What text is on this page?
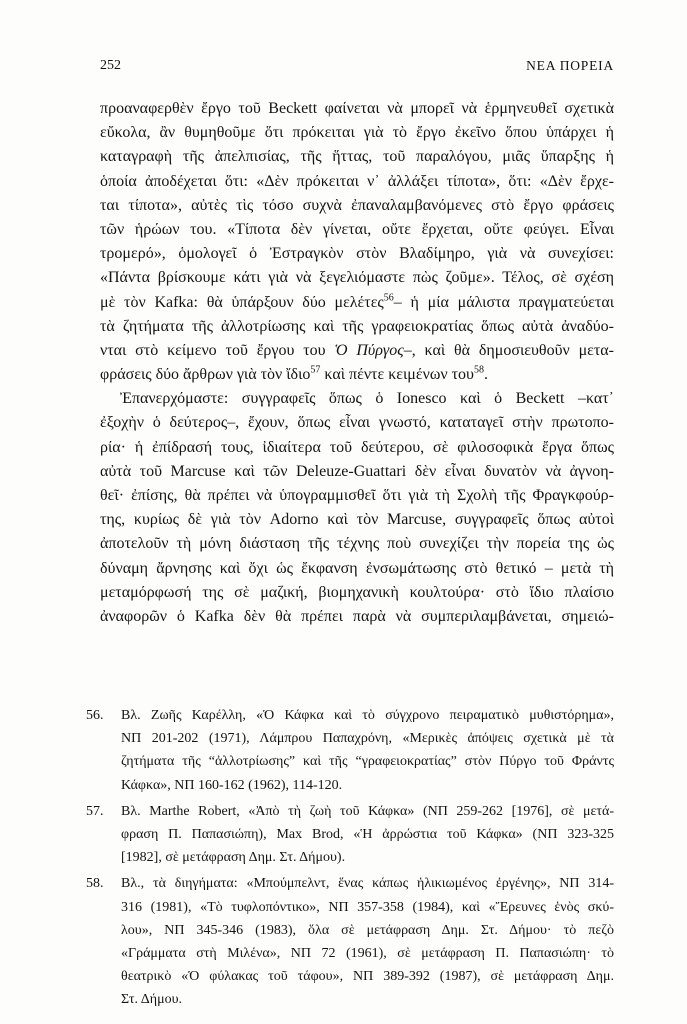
252	ΝΕΑ ΠΟΡΕΙΑ
προαναφερθὲν ἔργο τοῦ Beckett φαίνεται νὰ μπορεῖ νὰ ἑρμηνευθεῖ σχετικὰ
εὔκολα, ἂν θυμηθοῦμε ὅτι πρόκειται γιὰ τὸ ἔργο ἐκεῖνο ὅπου ὑπάρχει ἡ
καταγραφὴ τῆς ἀπελπισίας, τῆς ἥττας, τοῦ παραλόγου, μιᾶς ὕπαρξης ἡ
ὁποία ἀποδέχεται ὅτι: «Δὲν πρόκειται ν᾽ ἀλλάξει τίποτα», ὅτι: «Δὲν ἔρχε-
ται τίποτα», αὐτὲς τὶς τόσο συχνὰ ἐπαναλαμβανόμενες στὸ ἔργο φράσεις
τῶν ἡρώων του. «Τίποτα δὲν γίνεται, οὔτε ἔρχεται, οὔτε φεύγει. Εἶναι
τρομερό», ὁμολογεῖ ὁ Ἐστραγκὸν στὸν Βλαδίμηρο, γιὰ νὰ συνεχίσει:
«Πάντα βρίσκουμε κάτι γιὰ νὰ ξεγελιόμαστε πὼς ζοῦμε». Τέλος, σὲ σχέση
μὲ τὸν Kafka: θὰ ὑπάρξουν δύο μελέτες$^{56}$– ἡ μία μάλιστα πραγματεύεται
τὰ ζητήματα τῆς ἀλλοτρίωσης καὶ τῆς γραφειοκρατίας ὅπως αὐτὰ ἀναδύο-
νται στὸ κείμενο τοῦ ἔργου του Ὁ Πύργος–, καὶ θὰ δημοσιευθοῦν μετα-
φράσεις δύο ἄρθρων γιὰ τὸν ἴδιο$^{57}$ καὶ πέντε κειμένων του$^{58}$.
Ἐπανερχόμαστε: συγγραφεῖς ὅπως ὁ Ionesco καὶ ὁ Beckett –κατ᾽
ἐξοχὴν ὁ δεύτερος–, ἔχουν, ὅπως εἶναι γνωστό, καταταγεῖ στὴν πρωτοπο-
ρία· ἡ ἐπίδρασή τους, ἰδιαίτερα τοῦ δεύτερου, σὲ φιλοσοφικὰ ἔργα ὅπως
αὐτὰ τοῦ Marcuse καὶ τῶν Deleuze-Guattari δὲν εἶναι δυνατὸν νὰ ἀγνοη-
θεῖ· ἐπίσης, θὰ πρέπει νὰ ὑπογραμμισθεῖ ὅτι γιὰ τὴ Σχολὴ τῆς Φραγκφούρ-
της, κυρίως δὲ γιὰ τὸν Adorno καὶ τὸν Marcuse, συγγραφεῖς ὅπως αὐτοὶ
ἀποτελοῦν τὴ μόνη διάσταση τῆς τέχνης ποὺ συνεχίζει τὴν πορεία της ὡς
δύναμη ἄρνησης καὶ ὄχι ὡς ἔκφανση ἐνσωμάτωσης στὸ θετικό – μετὰ τὴ
μεταμόρφωσή της σὲ μαζική, βιομηχανικὴ κουλτούρα· στὸ ἴδιο πλαίσιο
ἀναφορῶν ὁ Kafka δὲν θὰ πρέπει παρὰ νὰ συμπεριλαμβάνεται, σημειώ-
56. Βλ. Ζωῆς Καρέλλη, «Ὁ Κάφκα καὶ τὸ σύγχρονο πειραματικὸ μυθιστόρημα»,
ΝΠ 201-202 (1971), Λάμπρου Παπαχρόνη, «Μερικὲς ἀπόψεις σχετικὰ μὲ τὰ
ζητήματα τῆς “ἀλλοτρίωσης” καὶ τῆς “γραφειοκρατίας” στὸν Πύργο τοῦ Φράντς
Κάφκα», ΝΠ 160-162 (1962), 114-120.
57. Βλ. Marthe Robert, «Ἀπὸ τὴ ζωὴ τοῦ Κάφκα» (ΝΠ 259-262 [1976], σὲ μετά-
φραση Π. Παπασιώπη), Max Brod, «Ἡ ἀρρώστια τοῦ Κάφκα» (ΝΠ 323-325
[1982], σὲ μετάφραση Δημ. Στ. Δήμου).
58. Βλ., τὰ διηγήματα: «Μπούμπελντ, ἕνας κάπως ἡλικιωμένος ἐργένης», ΝΠ 314-
316 (1981), «Τὸ τυφλοπόντικο», ΝΠ 357-358 (1984), καὶ «Ἔρευνες ἑνὸς σκύ-
λου», ΝΠ 345-346 (1983), ὅλα σὲ μετάφραση Δημ. Στ. Δήμου· τὸ πεζὸ
«Γράμματα στὴ Μιλένα», ΝΠ 72 (1961), σὲ μετάφραση Π. Παπασιώπη· τὸ
θεατρικὸ «Ὁ φύλακας τοῦ τάφου», ΝΠ 389-392 (1987), σὲ μετάφραση Δημ.
Στ. Δήμου.
